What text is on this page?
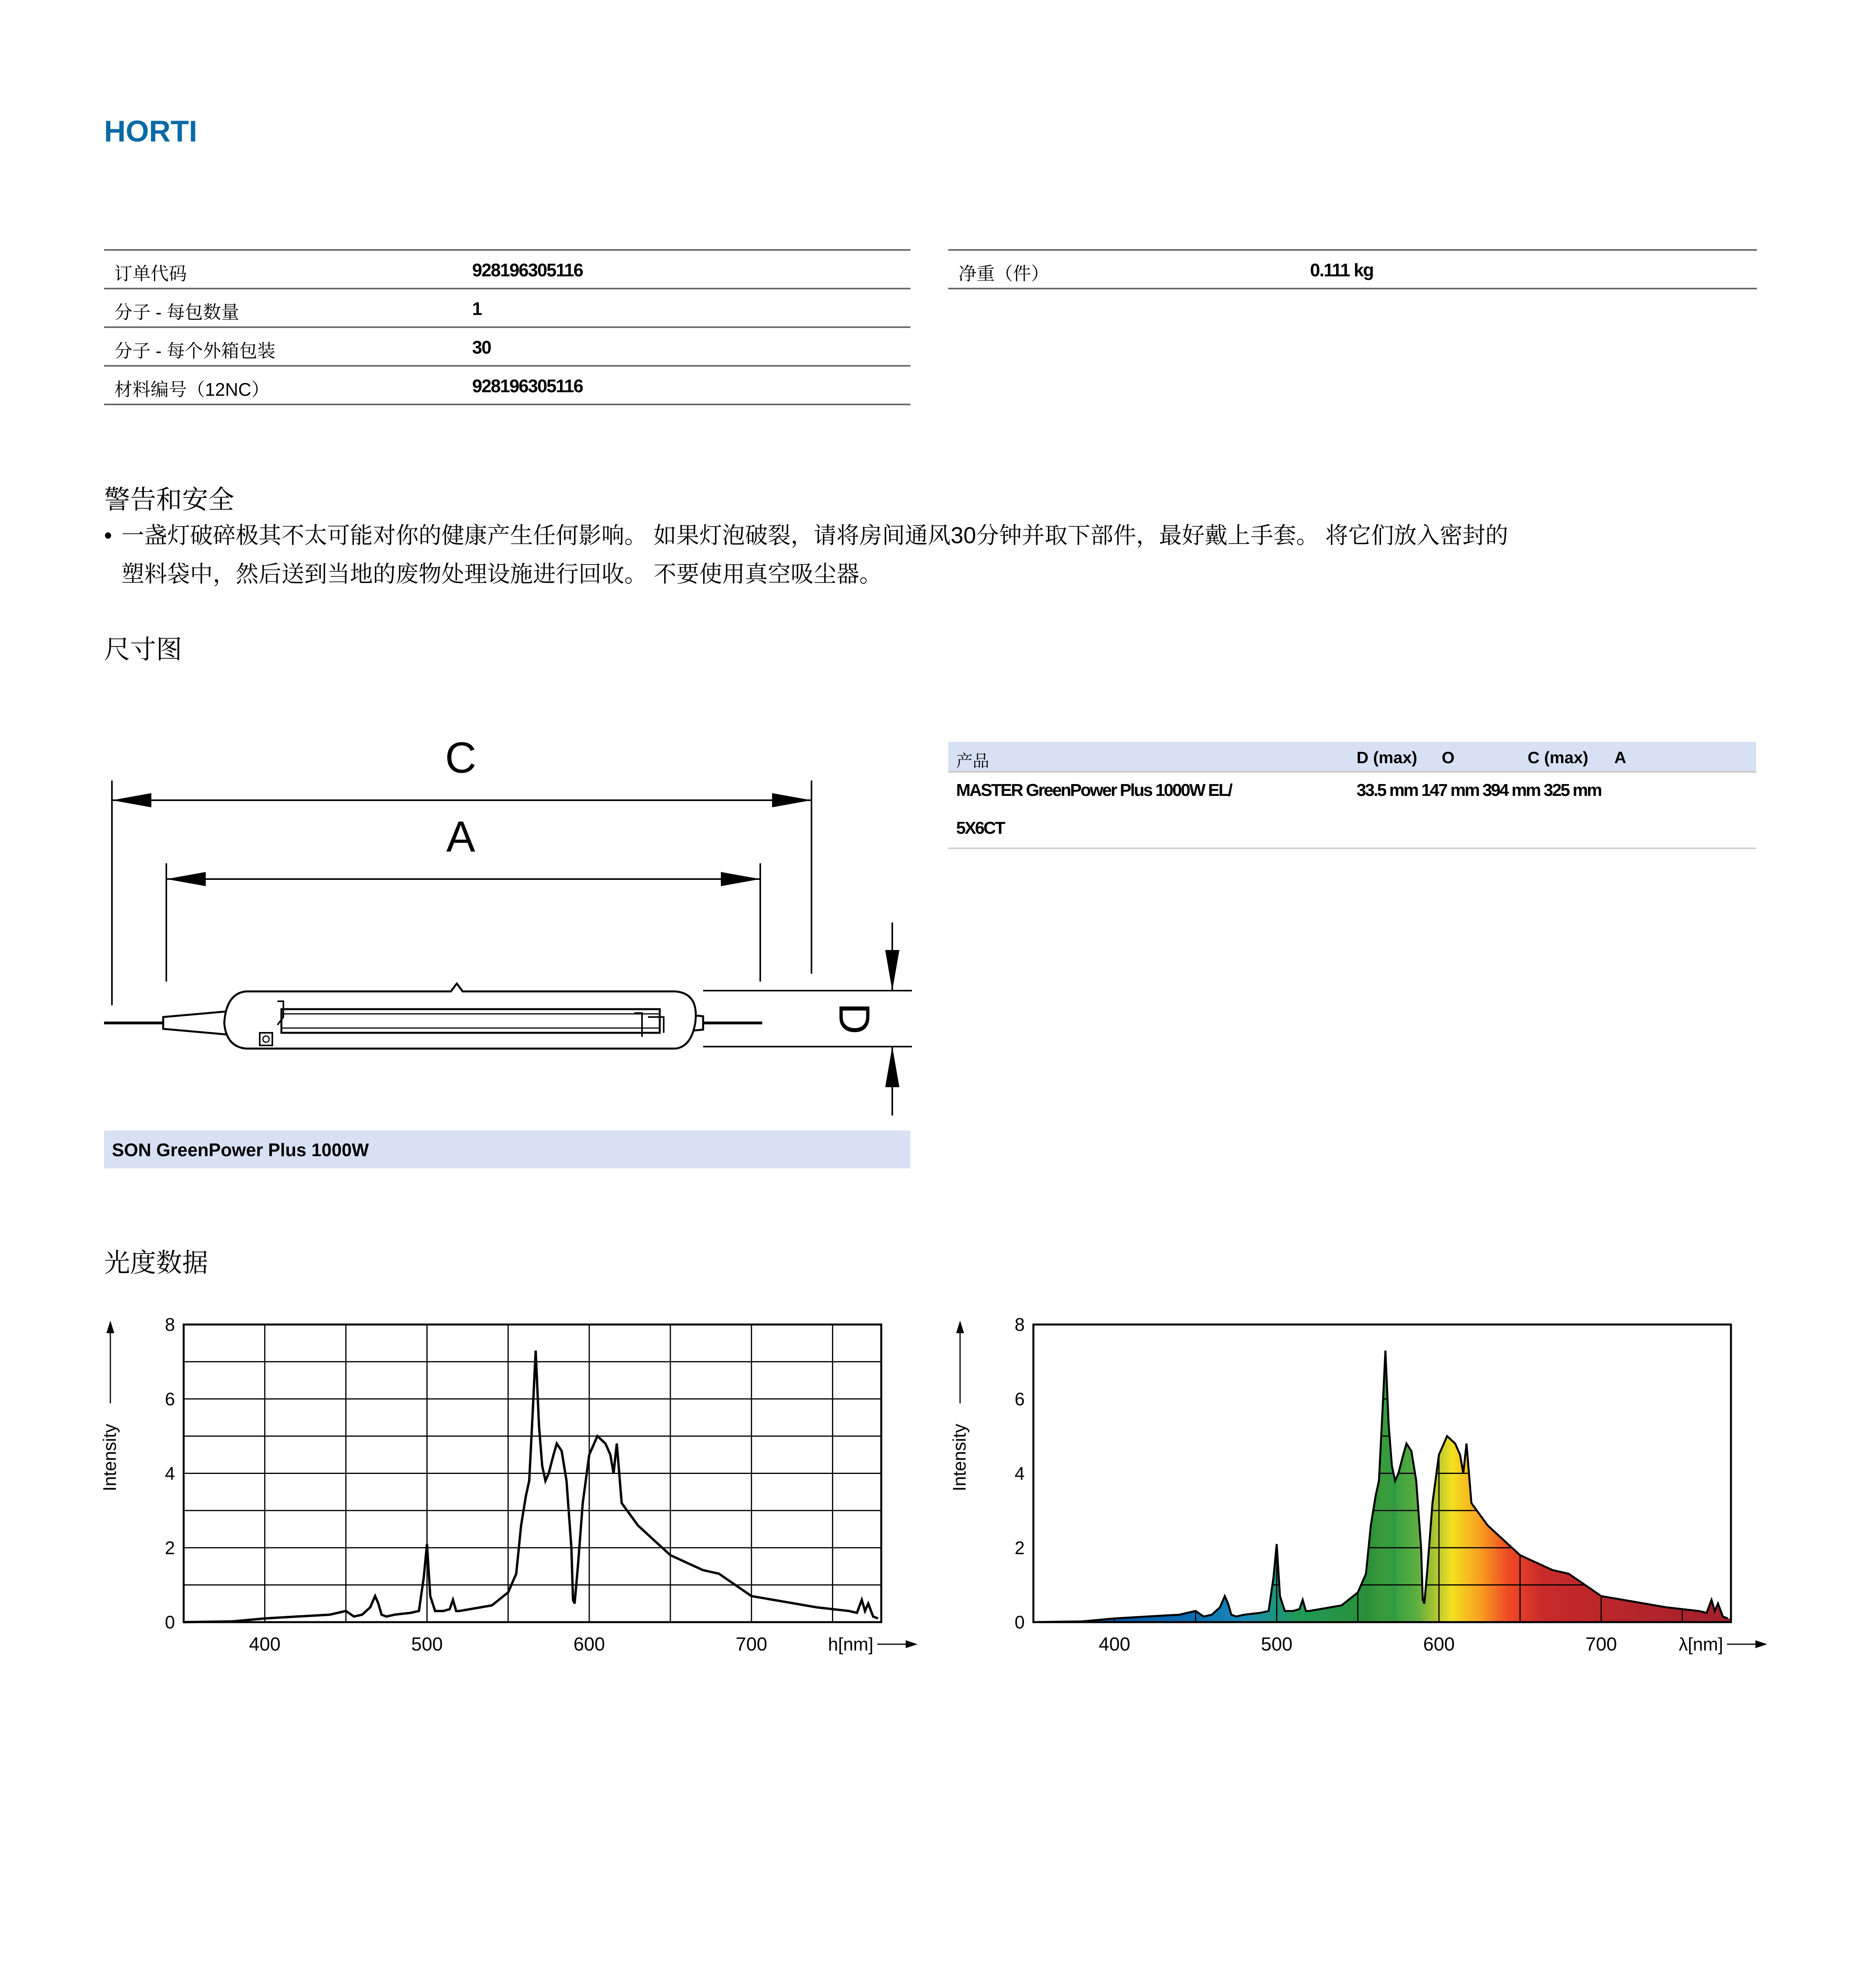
HORTI
订单代码	928196305116
分子 - 每包数量	1
分子 - 每个外箱包装	30
材料编号（12NC）	928196305116
净重（件）	0.111 kg
警告和安全
• 一盏灯破碎极其不太可能对你的健康产生任何影响。 如果灯泡破裂，请将房间通风30分钟并取下部件，最好戴上手套。 将它们放入密封的
塑料袋中，然后送到当地的废物处理设施进行回收。 不要使用真空吸尘器。
尺寸图
C
A
D
产品	D (max) O	C (max) A
MASTER GreenPower Plus 1000W EL/
5X6CT
33.5 mm 147 mm 394 mm 325 mm
SON GreenPower Plus 1000W
光度数据
400	500	600	700
0
2
4
6
8
Intensity
h[nm]	400	500	600	700
0
2
4
6
8
Intensity
λ[nm]
